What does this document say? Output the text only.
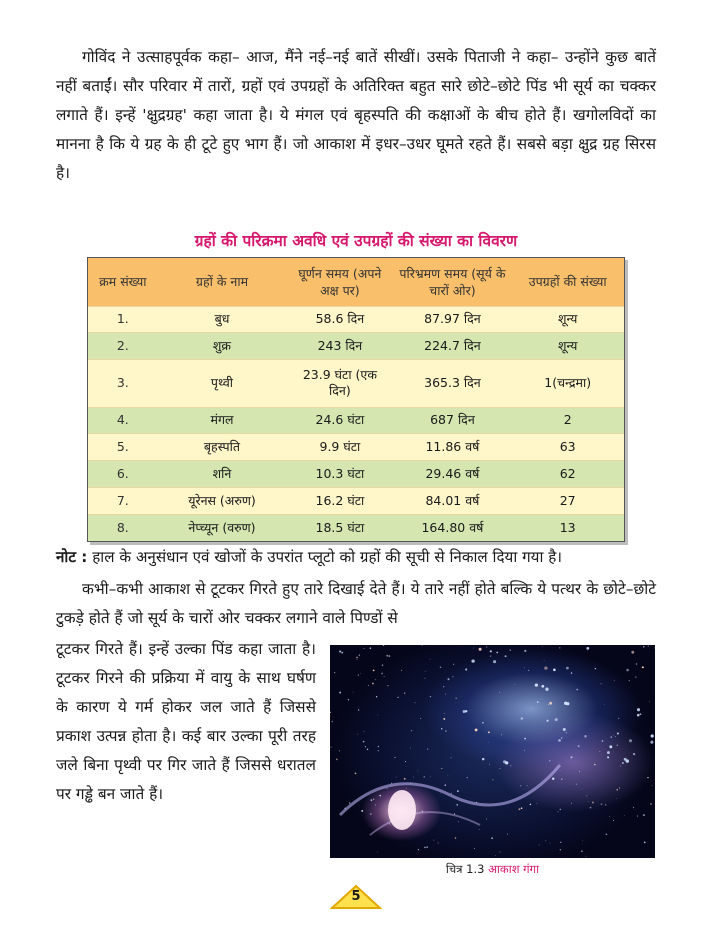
गोविंद ने उत्साहपूर्वक कहा– आज, मैंने नई–नई बातें सीखीं। उसके पिताजी ने कहा– उन्होंने कुछ बातें नहीं बताईं। सौर परिवार में तारों, ग्रहों एवं उपग्रहों के अतिरिक्त बहुत सारे छोटे–छोटे पिंड भी सूर्य का चक्कर लगाते हैं। इन्हें 'क्षुद्रग्रह' कहा जाता है। ये मंगल एवं बृहस्पति की कक्षाओं के बीच होते हैं। खगोलविदों का मानना है कि ये ग्रह के ही टूटे हुए भाग हैं। जो आकाश में इधर–उधर घूमते रहते हैं। सबसे बड़ा क्षुद्र ग्रह सिरस है।

ग्रहों की परिक्रमा अवधि एवं उपग्रहों की संख्या का विवरण
क्रम संख्या	ग्रहों के नाम	घूर्णन समय (अपने अक्ष पर)	परिभ्रमण समय (सूर्य के चारों ओर)	उपग्रहों की संख्या
1.	बुध	58.6 दिन	87.97 दिन	शून्य
2.	शुक्र	243 दिन	224.7 दिन	शून्य
3.	पृथ्वी	23.9 घंटा (एक दिन)	365.3 दिन	1(चन्द्रमा)
4.	मंगल	24.6 घंटा	687 दिन	2
5.	बृहस्पति	9.9 घंटा	11.86 वर्ष	63
6.	शनि	10.3 घंटा	29.46 वर्ष	62
7.	यूरेनस (अरुण)	16.2 घंटा	84.01 वर्ष	27
8.	नेप्च्यून (वरुण)	18.5 घंटा	164.80 वर्ष	13

नोट : हाल के अनुसंधान एवं खोजों के उपरांत प्लूटो को ग्रहों की सूची से निकाल दिया गया है।

कभी–कभी आकाश से टूटकर गिरते हुए तारे दिखाई देते हैं। ये तारे नहीं होते बल्कि ये पत्थर के छोटे–छोटे टुकड़े होते हैं जो सूर्य के चारों ओर चक्कर लगाने वाले पिण्डों से

टूटकर गिरते हैं। इन्हें उल्का पिंड कहा जाता है। टूटकर गिरने की प्रक्रिया में वायु के साथ घर्षण के कारण ये गर्म होकर जल जाते हैं जिससे प्रकाश उत्पन्न होता है। कई बार उल्का पूरी तरह जले बिना पृथ्वी पर गिर जाते हैं जिससे धरातल पर गड्ढे बन जाते हैं।

चित्र 1.3 आकाश गंगा
5
